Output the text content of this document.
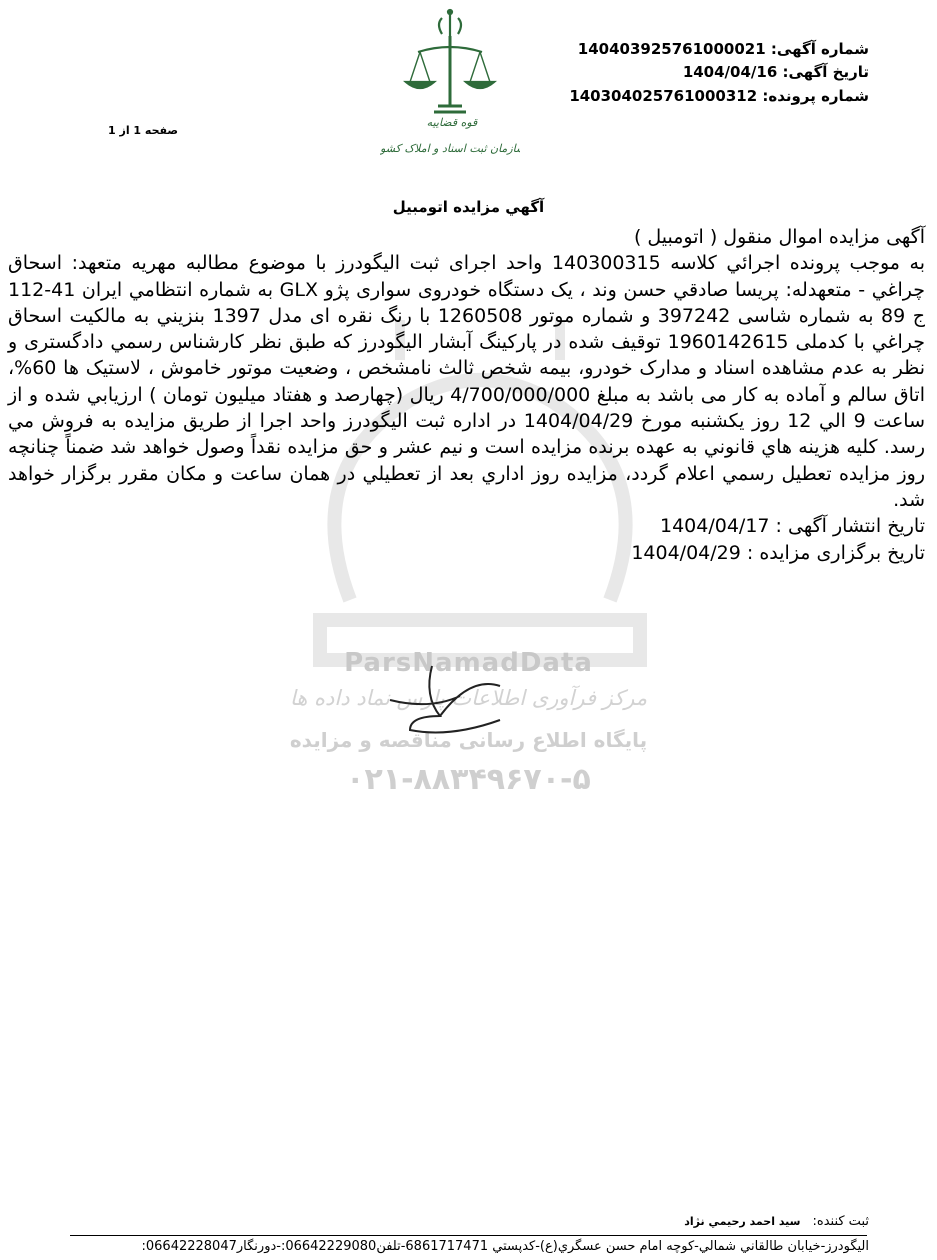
شماره آگهی: 140403925761000021
تاریخ آگهی: 1404/04/16
شماره پرونده: 140304025761000312
صفحه 1 از 1
قوه قضاییه
سازمان ثبت اسناد و املاک کشور
ParsNamadData
مرکز فرآوری اطلاعات پارس نماد داده ها
پایگاه اطلاع رسانی مناقصه و مزایده
۰۲۱-۸۸۳۴۹۶۷۰-۵
آگهي مزايده اتومبيل

آگهی مزایده اموال منقول ( اتومبیل )

به موجب پرونده اجرائي كلاسه 140300315 واحد اجرای ثبت اليگودرز با موضوع مطالبه مهریه متعهد: اسحاق چراغي - متعهدله: پريسا صادقي حسن وند ، يک دستگاه خودروی سواری پژو GLX به شماره انتظامي ايران 41-112 ج 89 به شماره شاسی 397242 و شماره موتور 1260508 با رنگ نقره ای مدل 1397 بنزيني به مالكيت اسحاق چراغي با كدملی 1960142615 توقيف شده در پاركينگ آبشار اليگودرز كه طبق نظر كارشناس رسمي دادگستری و نظر به عدم مشاهده اسناد و مدارک خودرو، بیمه شخص ثالث نامشخص ، وضعيت موتور خاموش ، لاستيک ها 60%، اتاق سالم و آماده به كار می باشد به مبلغ 4/700/000/000 ريال (چهارصد و هفتاد ميليون تومان ) ارزيابي شده و از ساعت 9 الي 12 روز يكشنبه مورخ 1404/04/29 در اداره ثبت اليگودرز واحد اجرا از طريق مزايده به فروش مي رسد. كليه هزينه هاي قانوني به عهده برنده مزايده است و نيم عشر و حق مزايده نقداً وصول خواهد شد ضمناً چنانچه روز مزايده تعطيل رسمي اعلام گردد، مزايده روز اداري بعد از تعطيلي در همان ساعت و مكان مقرر برگزار خواهد شد.

تاريخ انتشار آگهی : 1404/04/17

تاريخ برگزاری مزايده : 1404/04/29

ثبت كننده:سيد احمد رحيمي نژاد
اليگودرز-خيابان طالقاني شمالي-كوچه امام حسن عسگري(ع)-كدپستي 6861717471-تلفن06642229080:-دورنگار06642228047:
